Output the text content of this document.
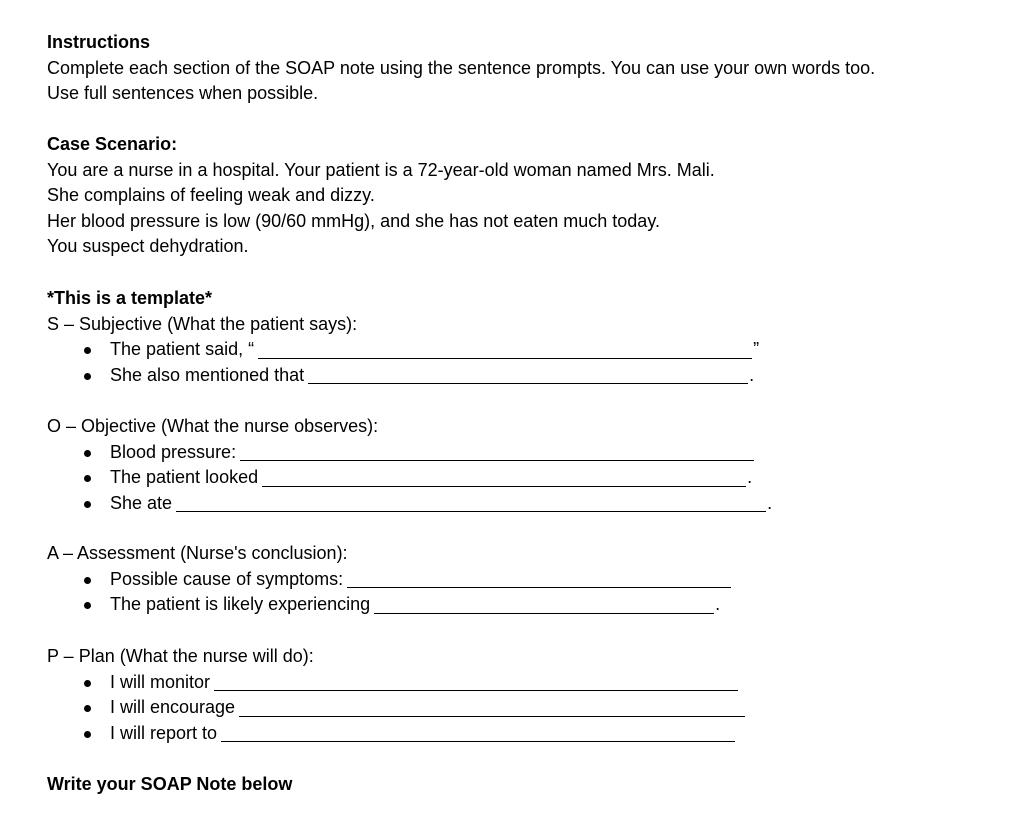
Instructions
Complete each section of the SOAP note using the sentence prompts. You can use your own words too.
Use full sentences when possible.
Case Scenario:
You are a nurse in a hospital. Your patient is a 72-year-old woman named Mrs. Mali.
She complains of feeling weak and dizzy.
Her blood pressure is low (90/60 mmHg), and she has not eaten much today.
You suspect dehydration.
*This is a template*
S – Subjective (What the patient says):
The patient said, “	”
She also mentioned that	.
O – Objective (What the nurse observes):
Blood pressure:
The patient looked	.
She ate	.
A – Assessment (Nurse's conclusion):
Possible cause of symptoms:
The patient is likely experiencing	.
P – Plan (What the nurse will do):
I will monitor
I will encourage
I will report to
Write your SOAP Note below
